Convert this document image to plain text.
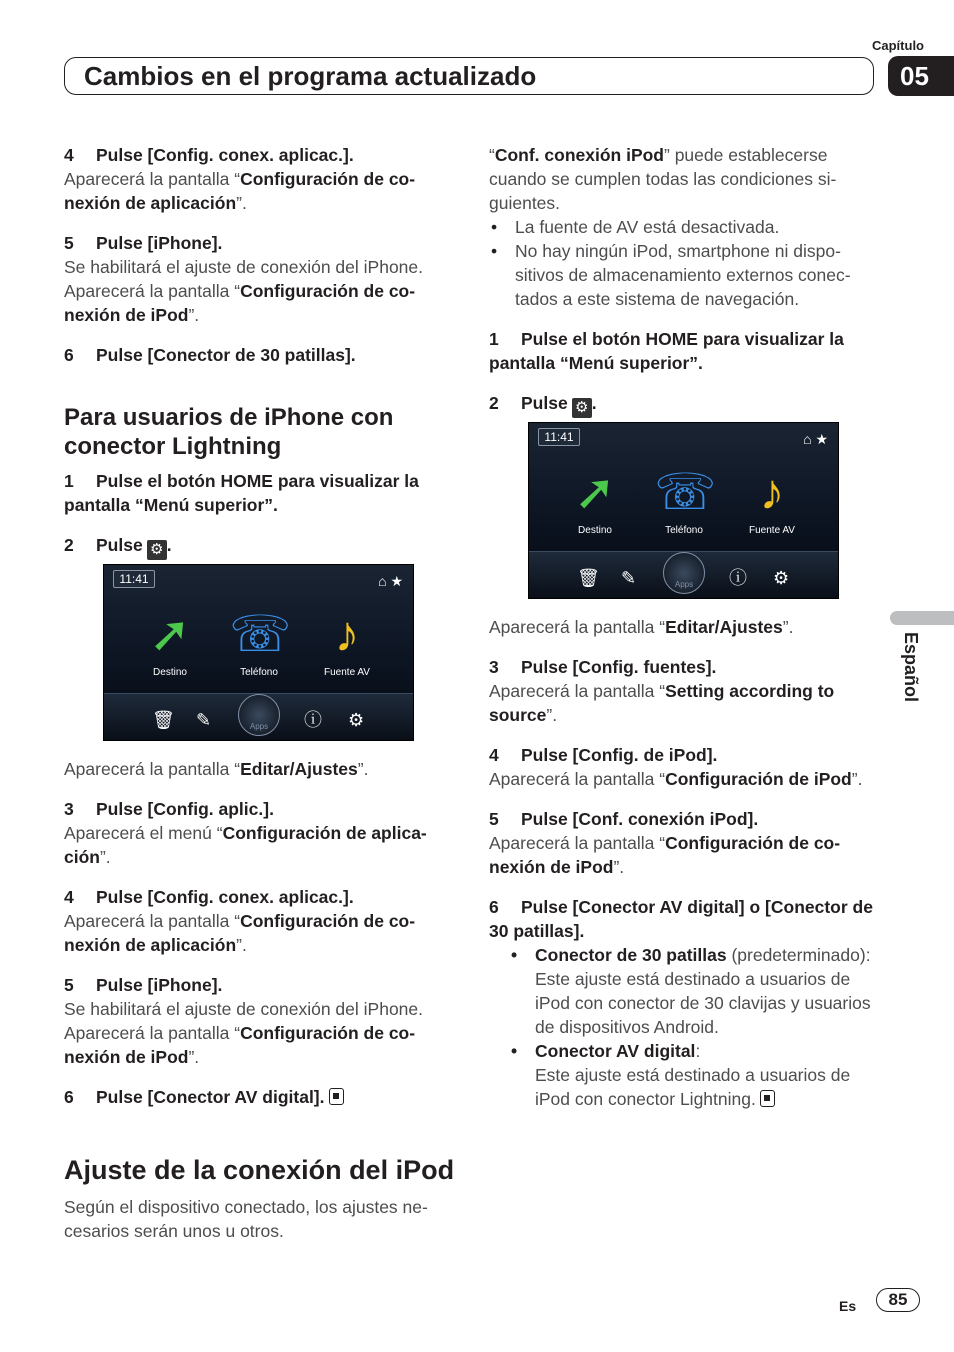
Capítulo
Cambios en el programa actualizado	05

4 Pulse [Config. conex. aplicac.].

Aparecerá la pantalla “Configuración de co-nexión de aplicación”.

5 Pulse [iPhone].

Se habilitará el ajuste de conexión del iPhone.

Aparecerá la pantalla “Configuración de co-nexión de iPod”.

6 Pulse [Conector de 30 patillas].

Para usuarios de iPhone con conector Lightning

1 Pulse el botón HOME para visualizar la pantalla “Menú superior”.

2 Pulse ⚙ .

11:41	⌂ ★
➚
Destino
☏
Teléfono
♪
Fuente AV
🗑 ✎	ⓘ ⚙
Apps

Aparecerá la pantalla “Editar/Ajustes”.

3 Pulse [Config. aplic.].

Aparecerá el menú “Configuración de aplica-ción”.

4 Pulse [Config. conex. aplicac.].

Aparecerá la pantalla “Configuración de co-nexión de aplicación”.

5 Pulse [iPhone].

Se habilitará el ajuste de conexión del iPhone.

Aparecerá la pantalla “Configuración de co-nexión de iPod”.

6 Pulse [Conector AV digital].

Ajuste de la conexión del iPod

Según el dispositivo conectado, los ajustes ne-cesarios serán unos u otros.

“Conf. conexión iPod” puede establecerse cuando se cumplen todas las condiciones si-guientes.

• La fuente de AV está desactivada.
• No hay ningún iPod, smartphone ni dispo-sitivos de almacenamiento externos conec-tados a este sistema de navegación.

1 Pulse el botón HOME para visualizar la pantalla “Menú superior”.

2 Pulse ⚙ .

11:41	⌂ ★
➚
Destino
☏
Teléfono
♪
Fuente AV
🗑 ✎	ⓘ ⚙
Apps

Aparecerá la pantalla “Editar/Ajustes”.

3 Pulse [Config. fuentes].

Aparecerá la pantalla “Setting according to source”.

4 Pulse [Config. de iPod].

Aparecerá la pantalla “Configuración de iPod”.

5 Pulse [Conf. conexión iPod].

Aparecerá la pantalla “Configuración de co-nexión de iPod”.

6 Pulse [Conector AV digital] o [Conector de 30 patillas].

• Conector de 30 patillas (predeterminado):
Este ajuste está destinado a usuarios de iPod con conector de 30 clavijas y usuarios de dispositivos Android.
• Conector AV digital:
Este ajuste está destinado a usuarios de iPod con conector Lightning.
Español
Es	85
